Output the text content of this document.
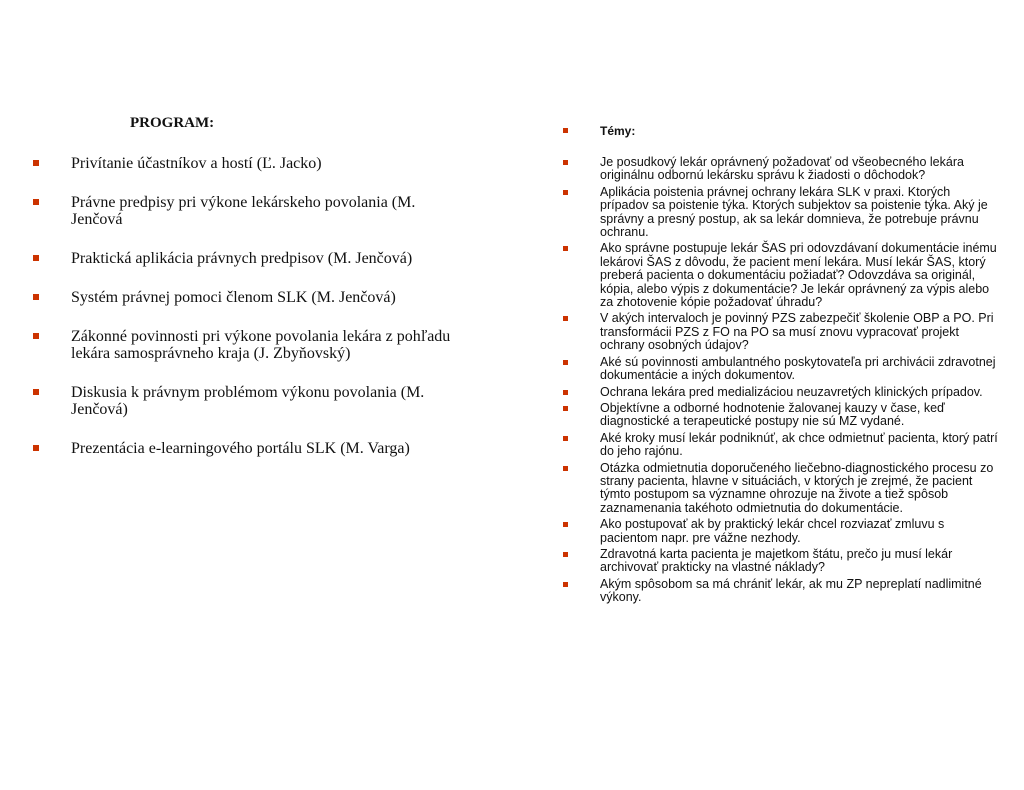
PROGRAM:
Privítanie účastníkov a hostí (Ľ. Jacko)
Právne predpisy pri výkone lekárskeho povolania (M. Jenčová
Praktická aplikácia právnych predpisov (M. Jenčová)
Systém právnej pomoci členom SLK (M. Jenčová)
Zákonné povinnosti pri výkone povolania lekára z pohľadu lekára samosprávneho kraja (J. Zbyňovský)
Diskusia k právnym problémom výkonu povolania (M. Jenčová)
Prezentácia e-learningového portálu SLK (M. Varga)
Témy:
Je posudkový lekár oprávnený požadovať od všeobecného lekára originálnu odbornú lekársku správu k žiadosti o dôchodok?
Aplikácia poistenia právnej ochrany lekára SLK v praxi. Ktorých prípadov sa poistenie týka. Ktorých subjektov sa poistenie týka. Aký je správny a presný postup, ak sa lekár domnieva, že potrebuje právnu ochranu.
Ako správne postupuje lekár ŠAS pri odovzdávaní dokumentácie inému lekárovi ŠAS z dôvodu, že pacient mení lekára. Musí lekár ŠAS, ktorý preberá pacienta o dokumentáciu požiadať? Odovzdáva sa originál, kópia, alebo výpis z dokumentácie? Je lekár oprávnený za výpis alebo za zhotovenie kópie požadovať úhradu?
V akých intervaloch je povinný PZS zabezpečiť školenie OBP a PO. Pri transformácii PZS z FO na PO sa musí znovu vypracovať projekt ochrany osobných údajov?
Aké sú povinnosti ambulantného poskytovateľa pri archivácii zdravotnej dokumentácie a iných dokumentov.
Ochrana lekára pred medializáciou neuzavretých klinických prípadov.
Objektívne a odborné hodnotenie žalovanej kauzy v čase, keď diagnostické a terapeutické postupy nie sú MZ vydané.
Aké kroky musí lekár podniknúť, ak chce odmietnuť pacienta, ktorý patrí do jeho rajónu.
Otázka odmietnutia doporučeného liečebno-diagnostického procesu zo strany pacienta, hlavne v situáciách, v ktorých je zrejmé, že pacient týmto postupom sa významne ohrozuje na živote a tiež spôsob zaznamenania takéhoto odmietnutia do dokumentácie.
Ako postupovať ak by praktický lekár chcel rozviazať zmluvu s pacientom napr. pre vážne nezhody.
Zdravotná karta pacienta je majetkom štátu, prečo ju musí lekár archivovať prakticky na vlastné náklady?
Akým spôsobom sa má chrániť lekár, ak mu ZP nepreplatí nadlimitné výkony.
